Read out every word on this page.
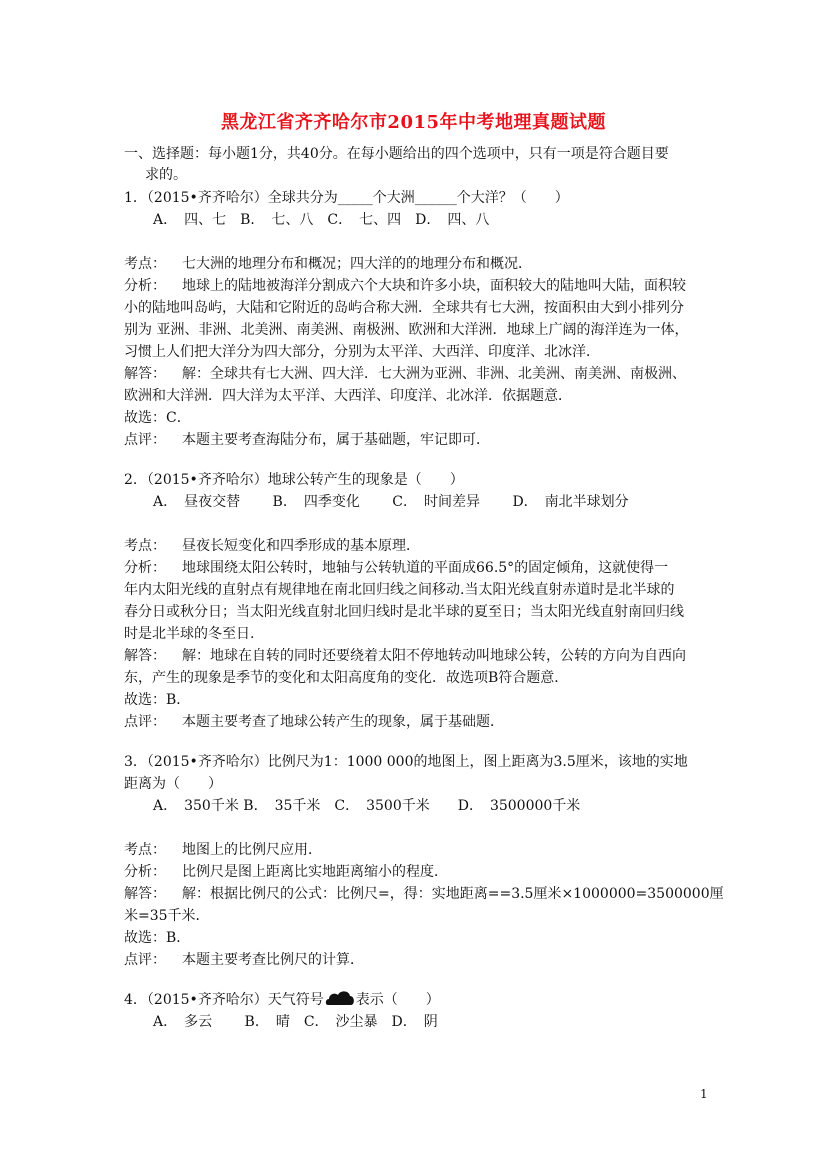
黑龙江省齐齐哈尔市2015年中考地理真题试题
一、选择题：每小题1分，共40分。在每小题给出的四个选项中，只有一项是符合题目要
求的。
1．（2015•齐齐哈尔）全球共分为_____个大洲______个大洋？（　　）
A．　四、七　B．　七、八　C．　七、四　D．　四、八
考点： 七大洲的地理分布和概况；四大洋的的地理分布和概况．
分析： 地球上的陆地被海洋分割成六个大块和许多小块，面积较大的陆地叫大陆，面积较
小的陆地叫岛屿，大陆和它附近的岛屿合称大洲．全球共有七大洲，按面积由大到小排列分
别为 亚洲、非洲、北美洲、南美洲、南极洲、欧洲和大洋洲．地球上广阔的海洋连为一体，
习惯上人们把大洋分为四大部分，分别为太平洋、大西洋、印度洋、北冰洋．
解答： 解：全球共有七大洲、四大洋．七大洲为亚洲、非洲、北美洲、南美洲、南极洲、
欧洲和大洋洲．四大洋为太平洋、大西洋、印度洋、北冰洋．依据题意．
故选：C．
点评： 本题主要考查海陆分布，属于基础题，牢记即可．
2．（2015•齐齐哈尔）地球公转产生的现象是（　　）
A．　昼夜交替　　 B．　四季变化　　 C．　时间差异　　 D．　南北半球划分
考点： 昼夜长短变化和四季形成的基本原理．
分析： 地球围绕太阳公转时，地轴与公转轨道的平面成66.5°的固定倾角，这就使得一
年内太阳光线的直射点有规律地在南北回归线之间移动.当太阳光线直射赤道时是北半球的
春分日或秋分日；当太阳光线直射北回归线时是北半球的夏至日；当太阳光线直射南回归线
时是北半球的冬至日.
解答： 解：地球在自转的同时还要绕着太阳不停地转动叫地球公转，公转的方向为自西向
东，产生的现象是季节的变化和太阳高度角的变化．故选项B符合题意．
故选：B．
点评： 本题主要考查了地球公转产生的现象，属于基础题．
3．（2015•齐齐哈尔）比例尺为1：1000 000的地图上，图上距离为3.5厘米，该地的实地
距离为（　　）
A．　350千米 B．　35千米　C．　3500千米　　D．　3500000千米
考点： 地图上的比例尺应用．
分析： 比例尺是图上距离比实地距离缩小的程度．
解答： 解：根据比例尺的公式：比例尺=，得：实地距离==3.5厘米×1000000=3500000厘
米=35千米．
故选：B．
点评： 本题主要考查比例尺的计算．
4．（2015•齐齐哈尔）天气符号 表示（　　）
A．　多云　　 B．　晴　C．　沙尘暴　D．　阴
1
